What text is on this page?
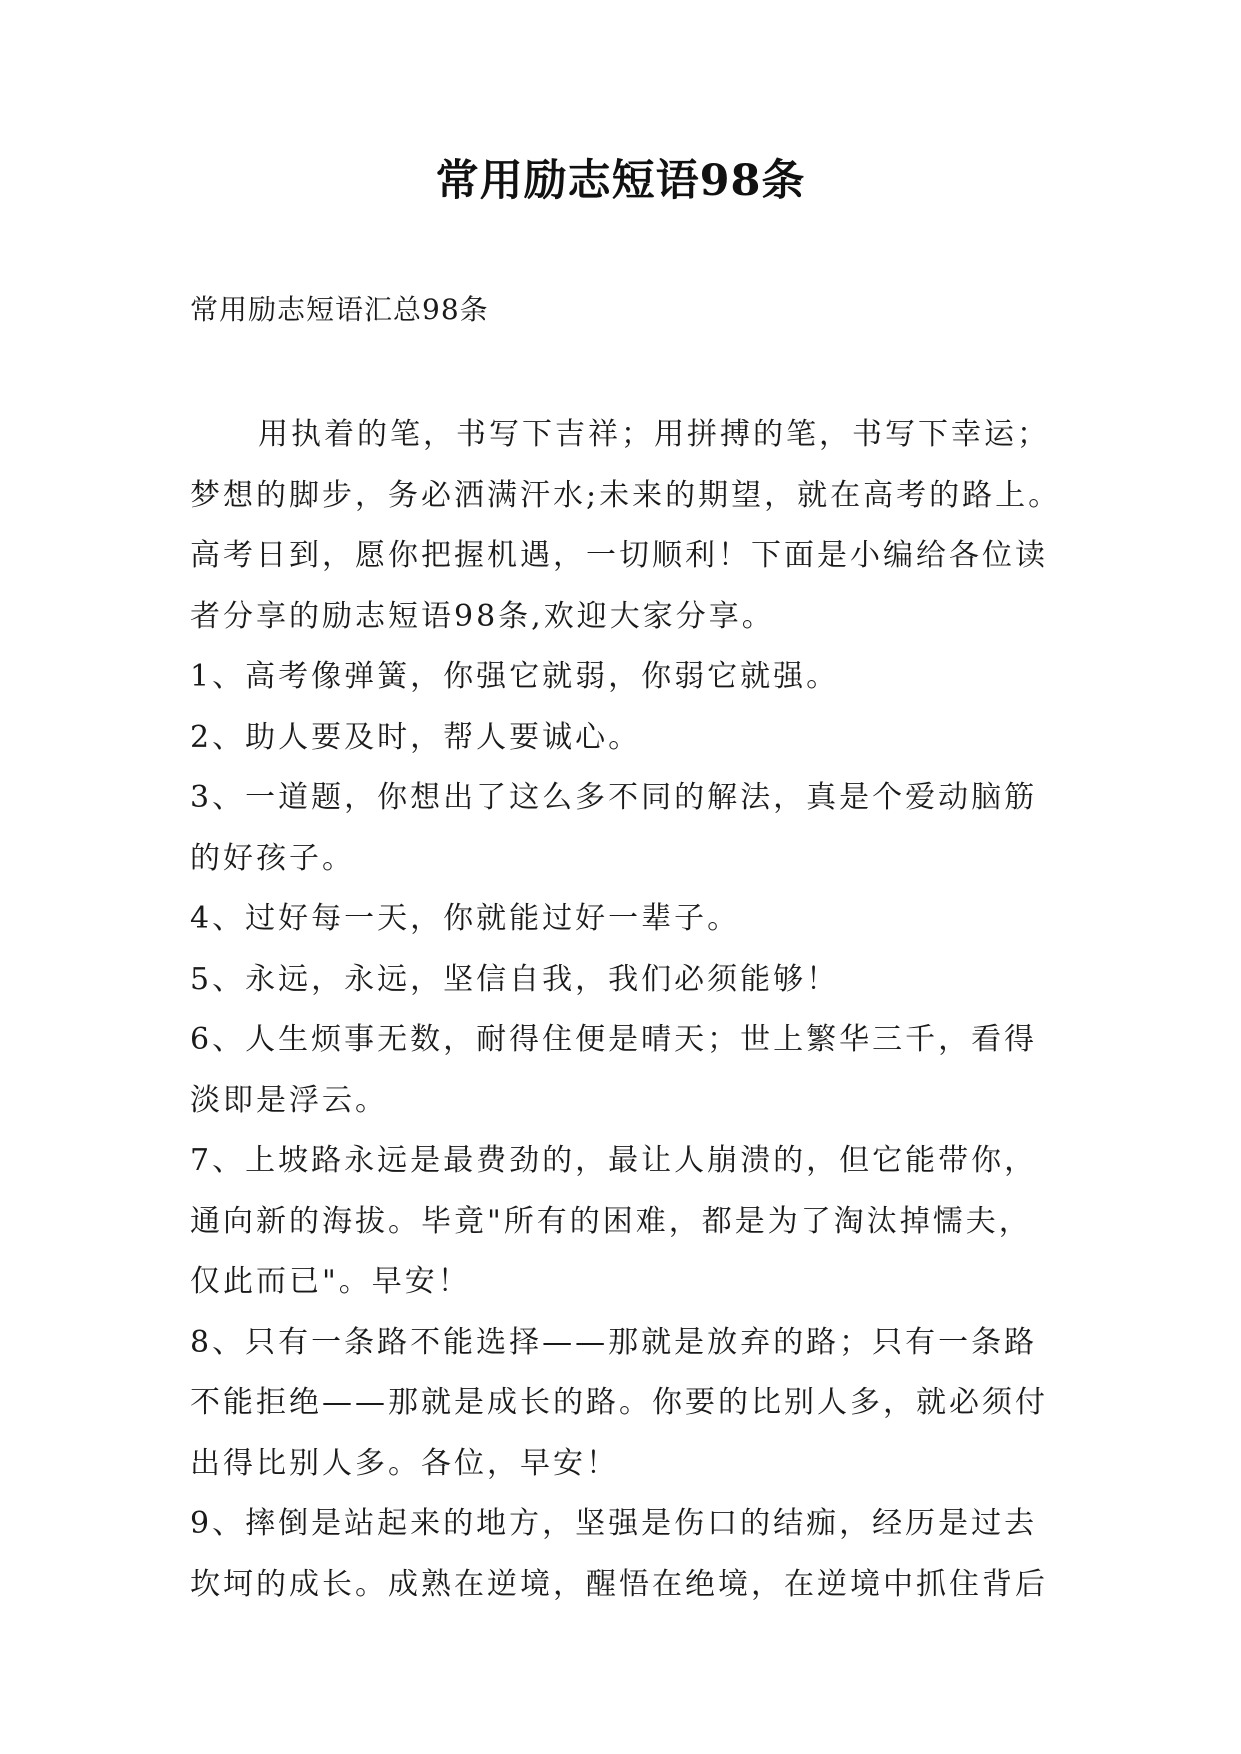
常用励志短语98条

常用励志短语汇总98条

用执着的笔，书写下吉祥；用拼搏的笔，书写下幸运；

梦想的脚步，务必洒满汗水;未来的期望，就在高考的路上。

高考日到，愿你把握机遇，一切顺利！下面是小编给各位读

者分享的励志短语98条,欢迎大家分享。

1、高考像弹簧，你强它就弱，你弱它就强。

2、助人要及时，帮人要诚心。

3、一道题，你想出了这么多不同的解法，真是个爱动脑筋

的好孩子。

4、过好每一天，你就能过好一辈子。

5、永远，永远，坚信自我，我们必须能够！

6、人生烦事无数，耐得住便是晴天；世上繁华三千，看得

淡即是浮云。

7、上坡路永远是最费劲的，最让人崩溃的，但它能带你，

通向新的海拔。毕竟"所有的困难，都是为了淘汰掉懦夫，

仅此而已"。早安！

8、只有一条路不能选择——那就是放弃的路；只有一条路

不能拒绝——那就是成长的路。你要的比别人多，就必须付

出得比别人多。各位，早安！

9、摔倒是站起来的地方，坚强是伤口的结痂，经历是过去

坎坷的成长。成熟在逆境，醒悟在绝境，在逆境中抓住背后
